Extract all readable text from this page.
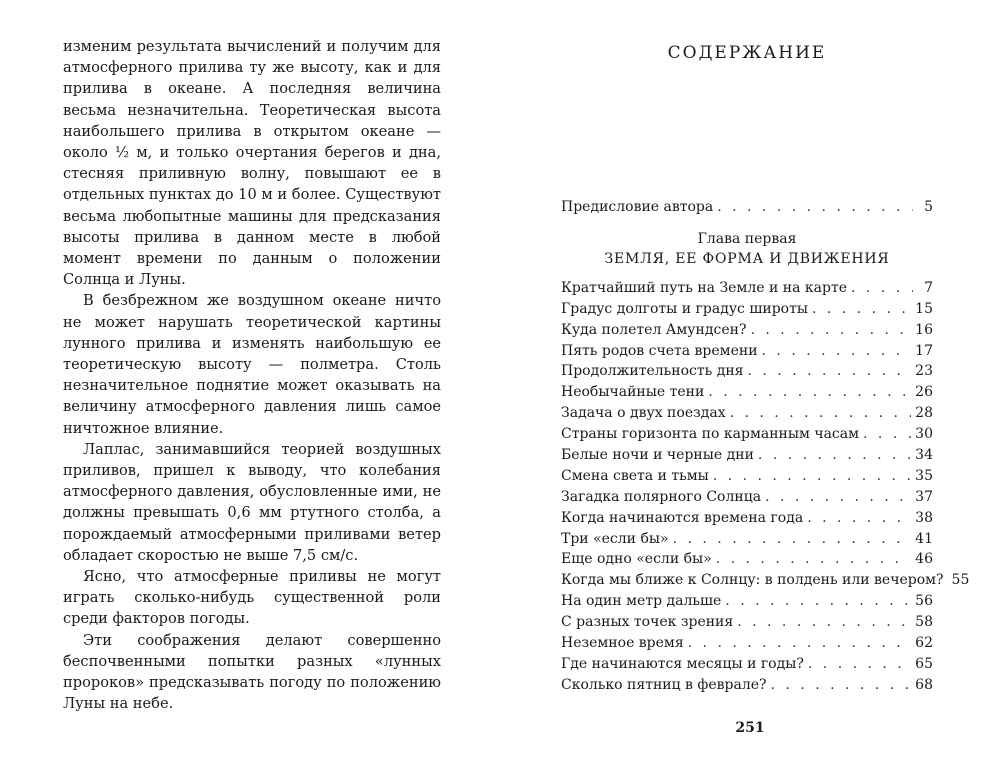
изменим результата вычислений и получим для атмосферного прилива ту же высоту, как и для прилива в океане. А последняя величина весьма незначительна. Теоретическая высота наибольшего прилива в открытом океане — около ½ м, и только очертания берегов и дна, стесняя приливную волну, повышают ее в отдельных пунктах до 10 м и более. Существуют весьма любопытные машины для предсказания высоты прилива в данном месте в любой момент времени по данным о положении Солнца и Луны.

В безбрежном же воздушном океане ничто не может нарушать теоретической картины лунного прилива и изменять наибольшую ее теоретическую высоту — полметра. Столь незначительное поднятие может оказывать на величину атмосферного давления лишь самое ничтожное влияние.

Лаплас, занимавшийся теорией воздушных приливов, пришел к выводу, что колебания атмосферного давления, обусловленные ими, не должны превышать 0,6 мм ртутного столба, а порождаемый атмосферными приливами ветер обладает скоростью не выше 7,5 см/с.

Ясно, что атмосферные приливы не могут играть сколько-нибудь существенной роли среди факторов погоды.

Эти соображения делают совершенно беспочвенными попытки разных «лунных пророков» предсказывать погоду по положению Луны на небе.

СОДЕРЖАНИЕ
Предисловие автора . . .	5
Глава первая
ЗЕМЛЯ, ЕЕ ФОРМА И ДВИЖЕНИЯ
Кратчайший путь на Земле и на карте . . .	7
Градус долготы и градус широты . . .	15
Куда полетел Амундсен? . . .	16
Пять родов счета времени . . .	17
Продолжительность дня . . .	23
Необычайные тени . . .	26
Задача о двух поездах . . .	28
Страны горизонта по карманным часам . . .	30
Белые ночи и черные дни . . .	34
Смена света и тьмы . . .	35
Загадка полярного Солнца . . .	37
Когда начинаются времена года . . .	38
Три «если бы» . . .	41
Еще одно «если бы» . . .	46
Когда мы ближе к Солнцу: в полдень или вечером? 55
На один метр дальше . . .	56
С разных точек зрения . . .	58
Неземное время . . .	62
Где начинаются месяцы и годы? . . .	65
Сколько пятниц в феврале? . . .	68
251
